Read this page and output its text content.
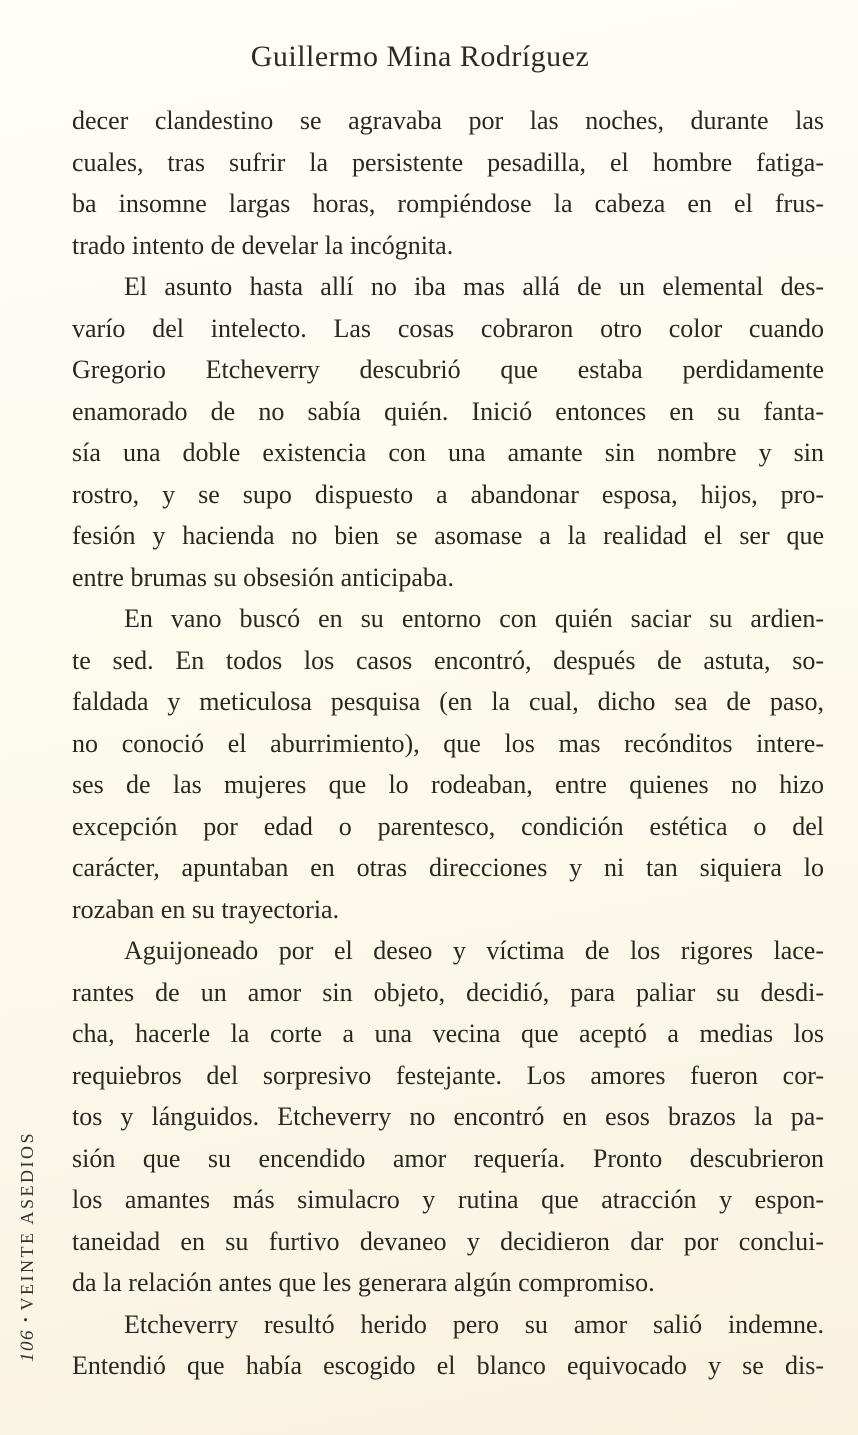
Guillermo Mina Rodríguez

decer clandestino se agravaba por las noches, durante las
cuales, tras sufrir la persistente pesadilla, el hombre fatiga-
ba insomne largas horas, rompiéndose la cabeza en el frus-
trado intento de develar la incógnita.

El asunto hasta allí no iba mas allá de un elemental des-
varío del intelecto. Las cosas cobraron otro color cuando
Gregorio Etcheverry descubrió que estaba perdidamente
enamorado de no sabía quién. Inició entonces en su fanta-
sía una doble existencia con una amante sin nombre y sin
rostro, y se supo dispuesto a abandonar esposa, hijos, pro-
fesión y hacienda no bien se asomase a la realidad el ser que
entre brumas su obsesión anticipaba.

En vano buscó en su entorno con quién saciar su ardien-
te sed. En todos los casos encontró, después de astuta, so-
faldada y meticulosa pesquisa (en la cual, dicho sea de paso,
no conoció el aburrimiento), que los mas recónditos intere-
ses de las mujeres que lo rodeaban, entre quienes no hizo
excepción por edad o parentesco, condición estética o del
carácter, apuntaban en otras direcciones y ni tan siquiera lo
rozaban en su trayectoria.

Aguijoneado por el deseo y víctima de los rigores lace-
rantes de un amor sin objeto, decidió, para paliar su desdi-
cha, hacerle la corte a una vecina que aceptó a medias los
requiebros del sorpresivo festejante. Los amores fueron cor-
tos y lánguidos. Etcheverry no encontró en esos brazos la pa-
sión que su encendido amor requería. Pronto descubrieron
los amantes más simulacro y rutina que atracción y espon-
taneidad en su furtivo devaneo y decidieron dar por conclui-
da la relación antes que les generara algún compromiso.

Etcheverry resultó herido pero su amor salió indemne.
Entendió que había escogido el blanco equivocado y se dis-

106•VEINTE ASEDIOS
